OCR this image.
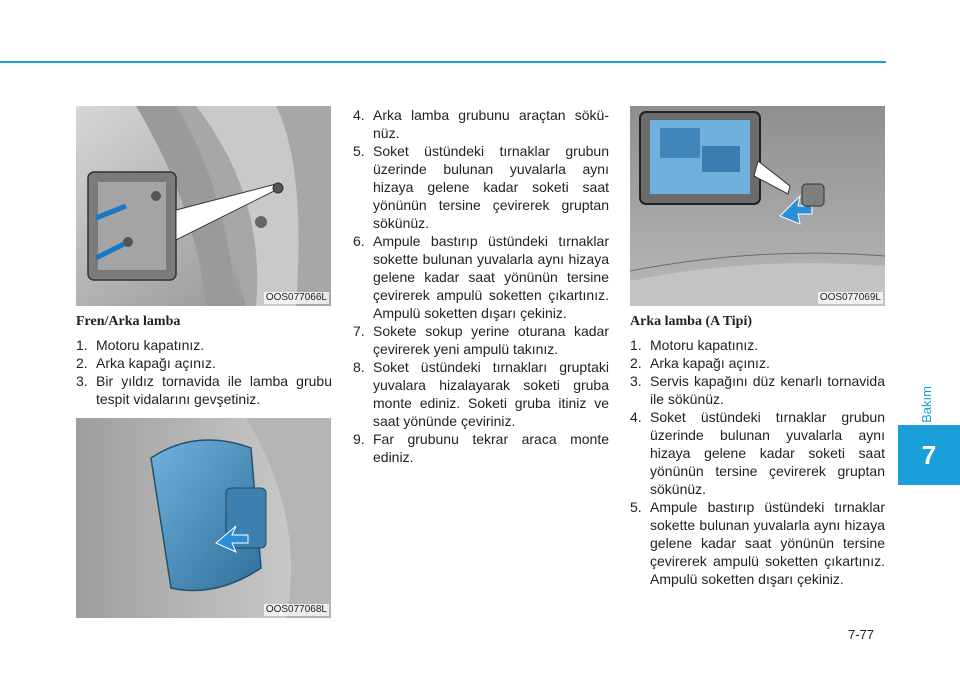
OOS077066L
Fren/Arka lamba
1. Motoru kapatınız.
2. Arka kapağı açınız.
3. Bir yıldız tornavida ile lamba grubu tespit vidalarını gevşetiniz.
OOS077068L
4. Arka lamba grubunu araçtan sökünüz.
5. Soket üstündeki tırnaklar grubun üzerinde bulunan yuvalarla aynı hizaya gelene kadar soketi saat yönünün tersine çevirerek gruptan sökünüz.
6. Ampule bastırıp üstündeki tırnaklar sokette bulunan yuvalarla aynı hizaya gelene kadar saat yönünün tersine çevirerek ampulü soketten çıkartınız. Ampulü soketten dışarı çekiniz.
7. Sokete sokup yerine oturana kadar çevirerek yeni ampulü takınız.
8. Soket üstündeki tırnakları gruptaki yuvalara hizalayarak soketi gruba monte ediniz. Soketi gruba itiniz ve saat yönünde çeviriniz.
9. Far grubunu tekrar araca monte ediniz.
OOS077069L
Arka lamba (A Tipi)
1. Motoru kapatınız.
2. Arka kapağı açınız.
3. Servis kapağını düz kenarlı tornavida ile sökünüz.
4. Soket üstündeki tırnaklar grubun üzerinde bulunan yuvalarla aynı hizaya gelene kadar soketi saat yönünün tersine çevirerek gruptan sökünüz.
5. Ampule bastırıp üstündeki tırnaklar sokette bulunan yuvalarla aynı hizaya gelene kadar saat yönünün tersine çevirerek ampulü soketten çıkartınız. Ampulü soketten dışarı çekiniz.
Bakım
7
7-77
